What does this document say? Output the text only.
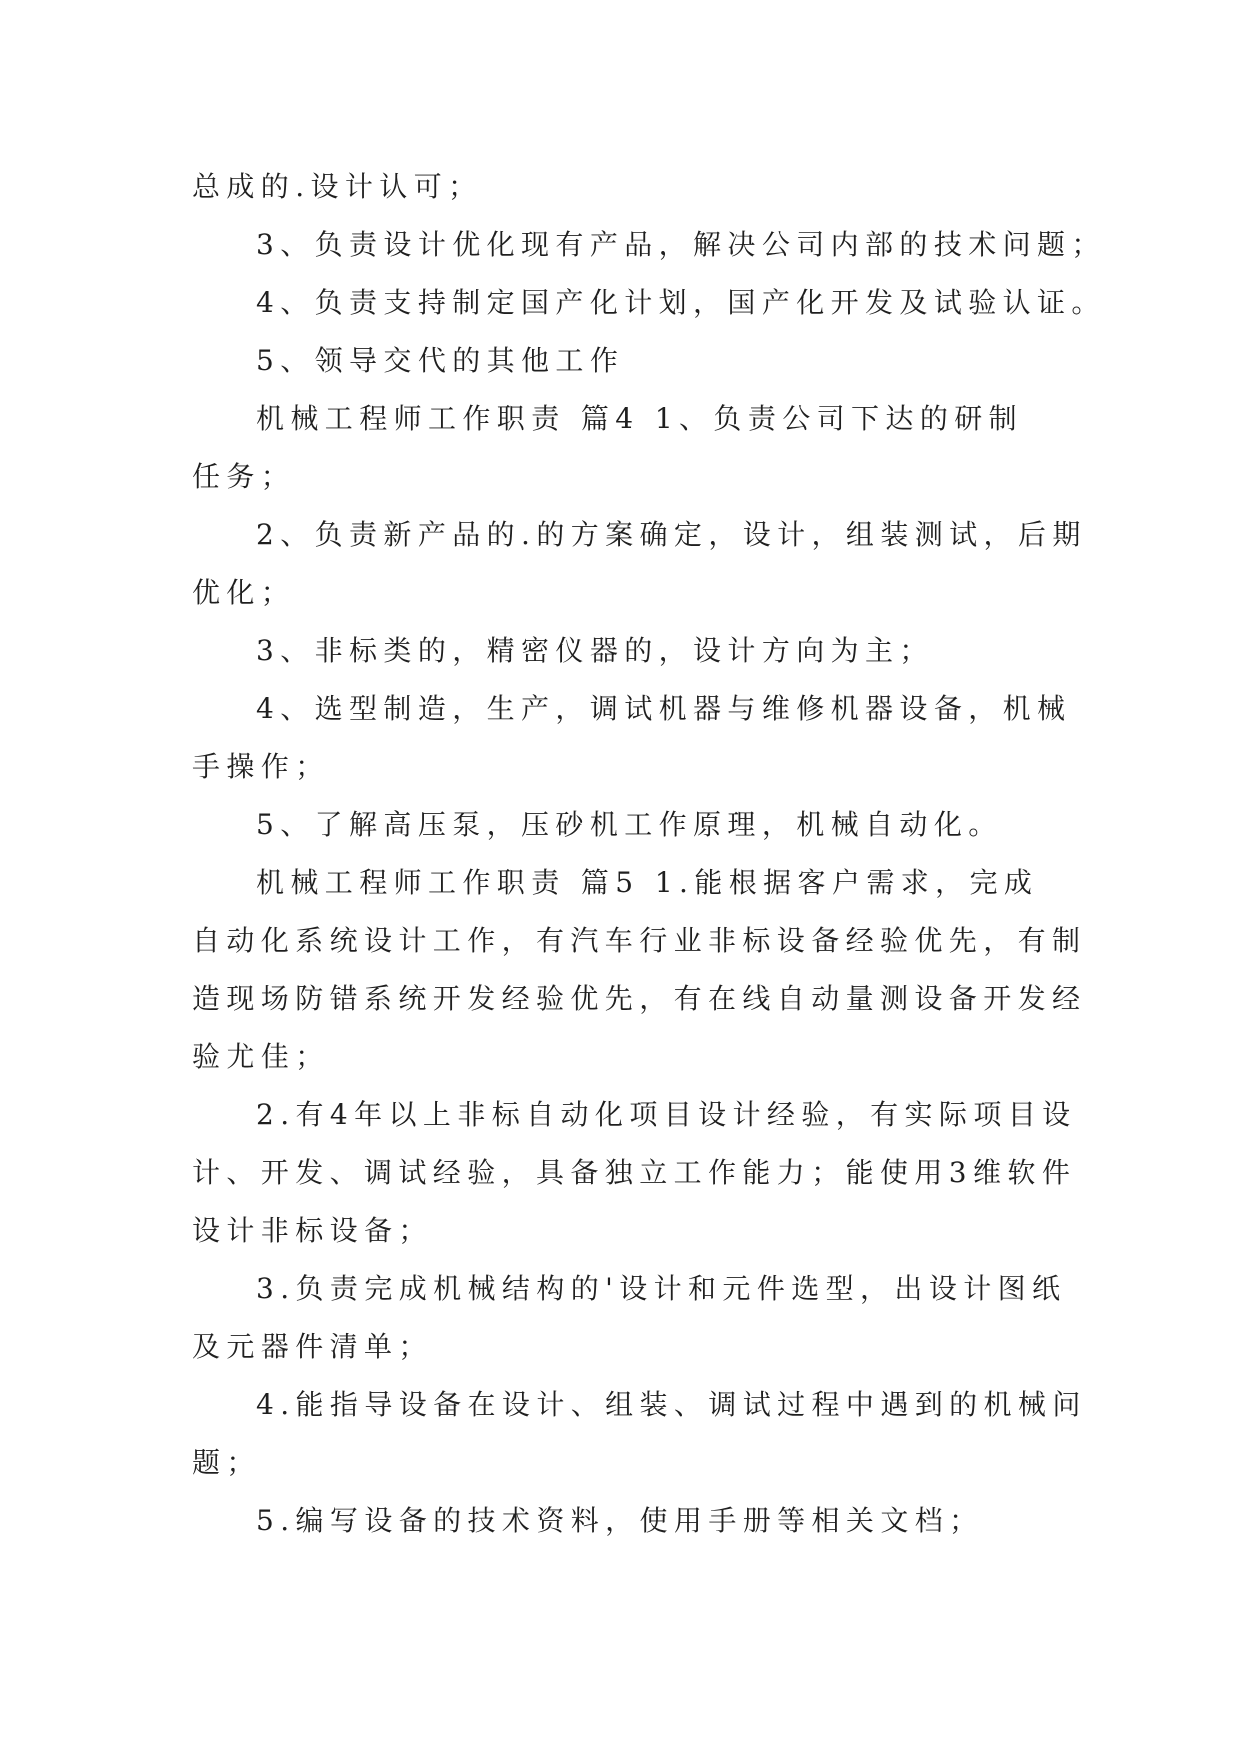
总成的.设计认可；
3、负责设计优化现有产品，解决公司内部的技术问题；
4、负责支持制定国产化计划，国产化开发及试验认证。
5、领导交代的其他工作
机械工程师工作职责 篇4 1、负责公司下达的研制
任务；
2、负责新产品的.的方案确定，设计，组装测试，后期
优化；
3、非标类的，精密仪器的，设计方向为主；
4、选型制造，生产，调试机器与维修机器设备，机械
手操作；
5、了解高压泵，压砂机工作原理，机械自动化。
机械工程师工作职责 篇5 1.能根据客户需求，完成
自动化系统设计工作，有汽车行业非标设备经验优先，有制
造现场防错系统开发经验优先，有在线自动量测设备开发经
验尤佳；
2.有4年以上非标自动化项目设计经验，有实际项目设
计、开发、调试经验，具备独立工作能力；能使用3维软件
设计非标设备；
3.负责完成机械结构的'设计和元件选型，出设计图纸
及元器件清单；
4.能指导设备在设计、组装、调试过程中遇到的机械问
题；
5.编写设备的技术资料，使用手册等相关文档；
